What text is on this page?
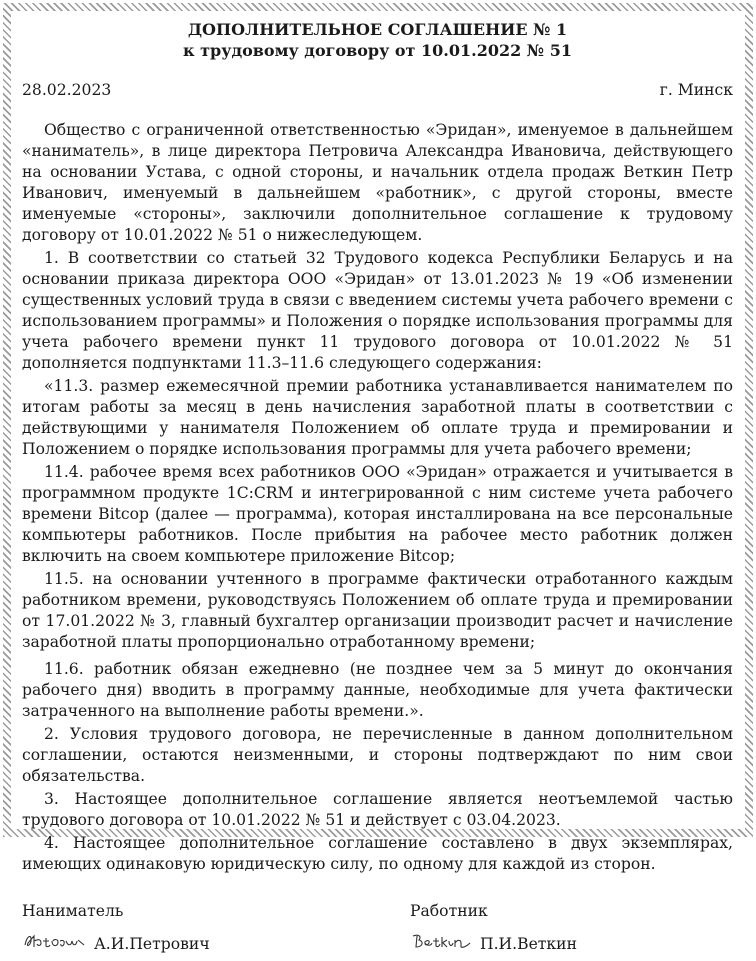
ДОПОЛНИТЕЛЬНОЕ СОГЛАШЕНИЕ № 1

к трудовому договору от 10.01.2022 № 51

28.02.2023	г. Минск

Общество с ограниченной ответственностью «Эридан», именуемое в дальнейшем «наниматель», в лице директора Петровича Александра Ивановича, действующего на основании Устава, с одной стороны, и начальник отдела продаж Веткин Петр Иванович, именуемый в дальнейшем «работник», с другой стороны, вместе именуемые «стороны», заключили дополнительное соглашение к трудовому договору от 10.01.2022 № 51 о нижеследующем.

1. В соответствии со статьей 32 Трудового кодекса Республики Беларусь и на основании приказа директора ООО «Эридан» от 13.01.2023 № 19 «Об изменении существенных условий труда в связи с введением системы учета рабочего времени с использованием программы» и Положения о порядке использования программы для учета рабочего времени пункт 11 трудового договора от 10.01.2022 № 51 дополняется подпунктами 11.3–11.6 следующего содержания:

«11.3. размер ежемесячной премии работника устанавливается нанимателем по итогам работы за месяц в день начисления заработной платы в соответствии с действующими у нанимателя Положением об оплате труда и премировании и Положением о порядке использования программы для учета рабочего времени;

11.4. рабочее время всех работников ООО «Эридан» отражается и учитывается в программном продукте 1С:CRM и интегрированной с ним системе учета рабочего времени Bitcop (далее — программа), которая инсталлирована на все персональные компьютеры работников. После прибытия на рабочее место работник должен включить на своем компьютере приложение Bitcop;

11.5. на основании учтенного в программе фактически отработанного каждым работником времени, руководствуясь Положением об оплате труда и премировании от 17.01.2022 № 3, главный бухгалтер организации производит расчет и начисление заработной платы пропорционально отработанному времени;

11.6. работник обязан ежедневно (не позднее чем за 5 минут до окончания рабочего дня) вводить в программу данные, необходимые для учета фактически затраченного на выполнение работы времени.».

2. Условия трудового договора, не перечисленные в данном дополнительном соглашении, остаются неизменными, и стороны подтверждают по ним свои обязательства.

3. Настоящее дополнительное соглашение является неотъемлемой частью трудового договора от 10.01.2022 № 51 и действует с 03.04.2023.

4. Настоящее дополнительное соглашение составлено в двух экземплярах, имеющих одинаковую юридическую силу, по одному для каждой из сторон.

Наниматель
А.И.Петрович
Работник
П.И.Веткин
